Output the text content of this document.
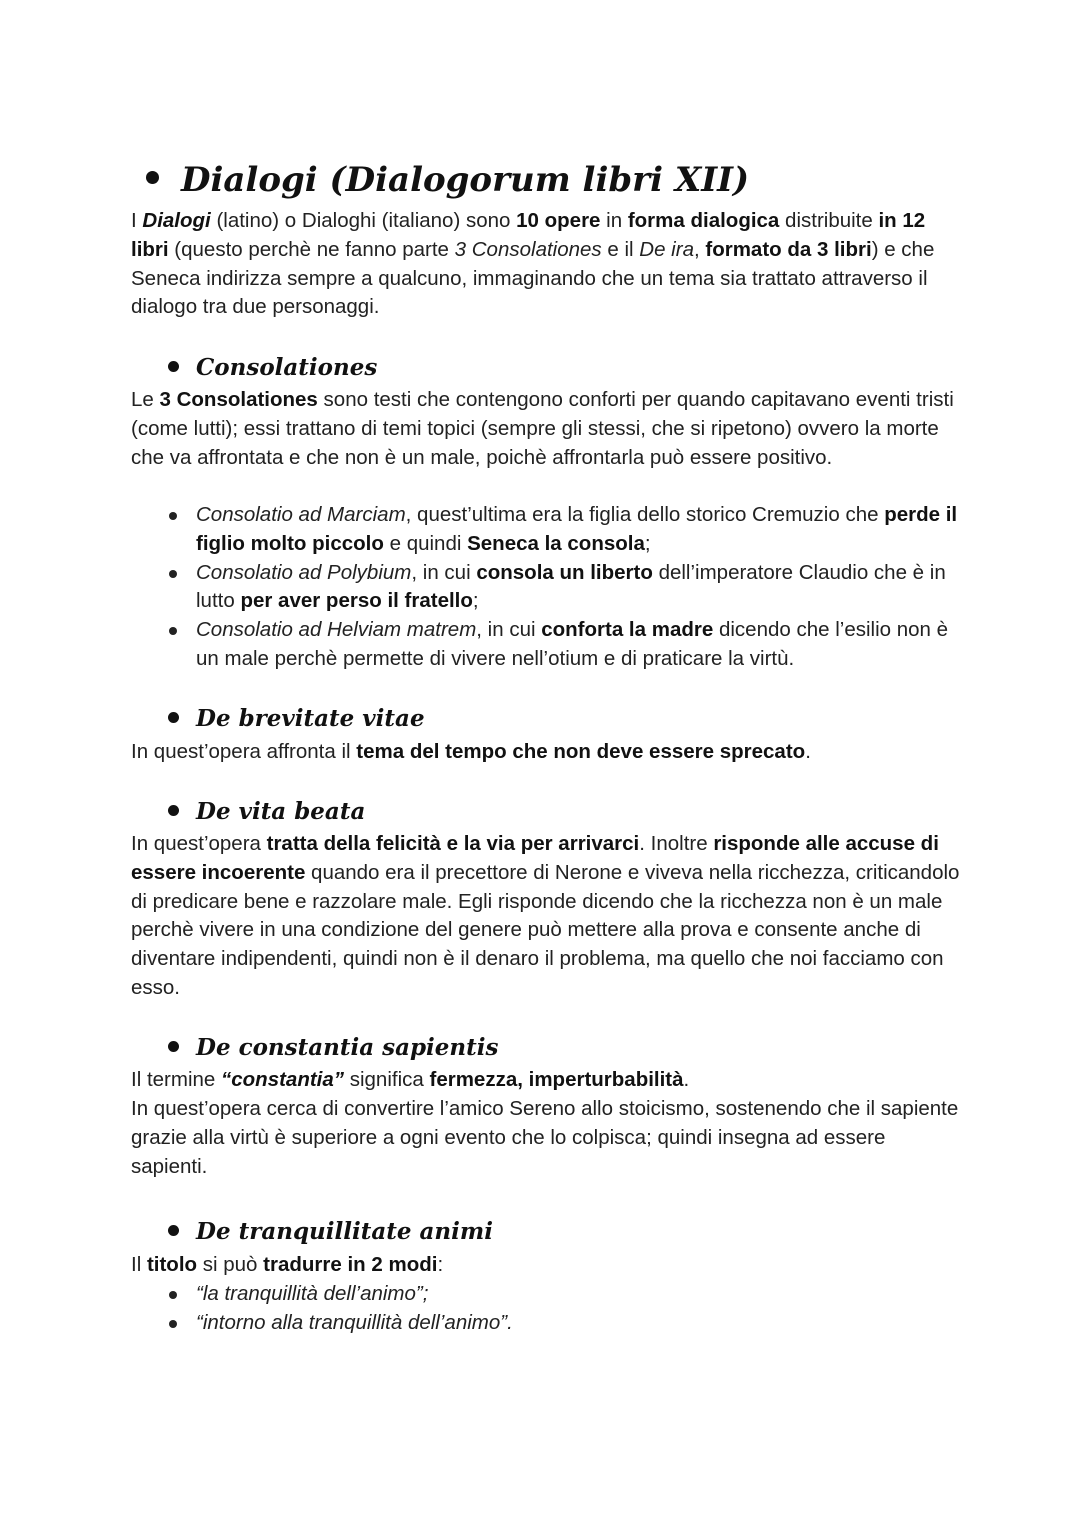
Dialogi (Dialogorum libri XII)

I Dialogi (latino) o Dialoghi (italiano) sono 10 opere in forma dialogica distribuite in 12 libri (questo perchè ne fanno parte 3 Consolationes e il De ira, formato da 3 libri) e che Seneca indirizza sempre a qualcuno, immaginando che un tema sia trattato attraverso il dialogo tra due personaggi.

Consolationes

Le 3 Consolationes sono testi che contengono conforti per quando capitavano eventi tristi (come lutti); essi trattano di temi topici (sempre gli stessi, che si ripetono) ovvero la morte che va affrontata e che non è un male, poichè affrontarla può essere positivo.

Consolatio ad Marciam, quest’ultima era la figlia dello storico Cremuzio che perde il figlio molto piccolo e quindi Seneca la consola;
Consolatio ad Polybium, in cui consola un liberto dell’imperatore Claudio che è in lutto per aver perso il fratello;
Consolatio ad Helviam matrem, in cui conforta la madre dicendo che l’esilio non è un male perchè permette di vivere nell’otium e di praticare la virtù.
De brevitate vitae

In quest’opera affronta il tema del tempo che non deve essere sprecato.

De vita beata

In quest’opera tratta della felicità e la via per arrivarci. Inoltre risponde alle accuse di essere incoerente quando era il precettore di Nerone e viveva nella ricchezza, criticandolo di predicare bene e razzolare male. Egli risponde dicendo che la ricchezza non è un male perchè vivere in una condizione del genere può mettere alla prova e consente anche di diventare indipendenti, quindi non è il denaro il problema, ma quello che noi facciamo con esso.

De constantia sapientis

Il termine “constantia” significa fermezza, imperturbabilità.

In quest’opera cerca di convertire l’amico Sereno allo stoicismo, sostenendo che il sapiente grazie alla virtù è superiore a ogni evento che lo colpisca; quindi insegna ad essere sapienti.

De tranquillitate animi

Il titolo si può tradurre in 2 modi:

“la tranquillità dell’animo”;
“intorno alla tranquillità dell’animo”.
